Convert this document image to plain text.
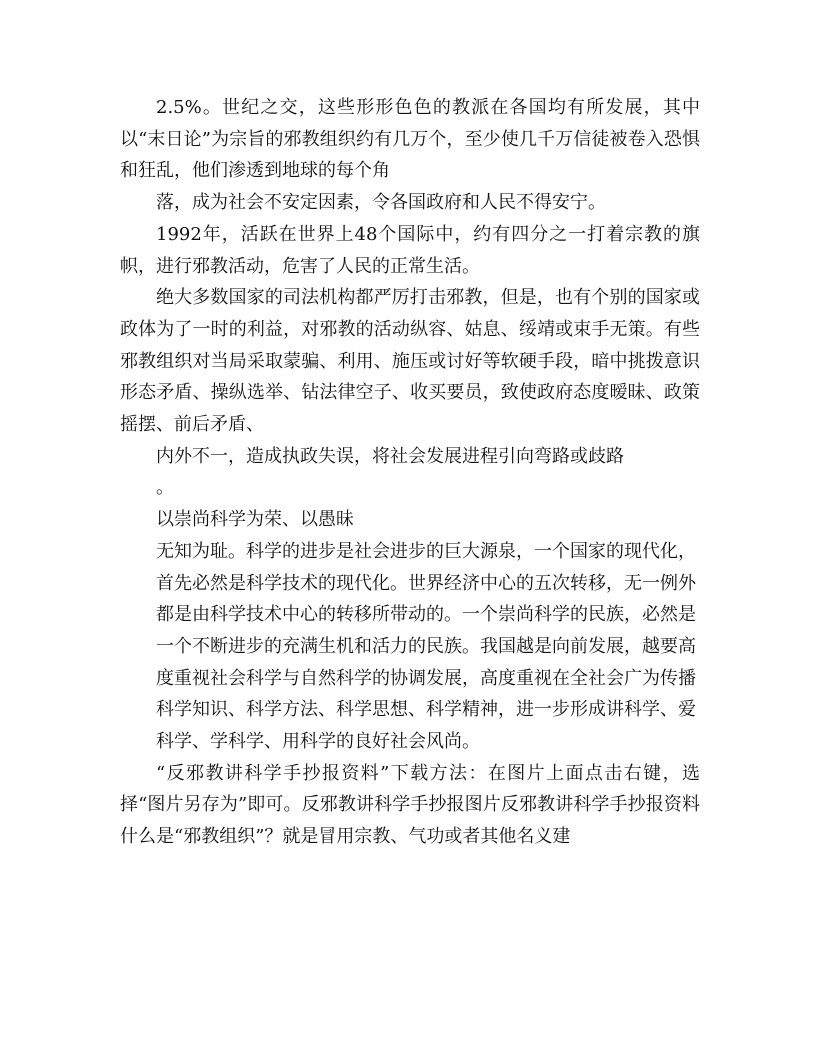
2.5%。世纪之交，这些形形色色的教派在各国均有所发展，其中以“末日论”为宗旨的邪教组织约有几万个，至少使几千万信徒被卷入恐惧和狂乱，他们渗透到地球的每个角

落，成为社会不安定因素，令各国政府和人民不得安宁。

1992年，活跃在世界上48个国际中，约有四分之一打着宗教的旗帜，进行邪教活动，危害了人民的正常生活。

绝大多数国家的司法机构都严厉打击邪教，但是，也有个别的国家或政体为了一时的利益，对邪教的活动纵容、姑息、绥靖或束手无策。有些邪教组织对当局采取蒙骗、利用、施压或讨好等软硬手段，暗中挑拨意识形态矛盾、操纵选举、钻法律空子、收买要员，致使政府态度暧昧、政策摇摆、前后矛盾、

内外不一，造成执政失误，将社会发展进程引向弯路或歧路

。

以崇尚科学为荣、以愚昧

无知为耻。科学的进步是社会进步的巨大源泉，一个国家的现代化，首先必然是科学技术的现代化。世界经济中心的五次转移，无一例外都是由科学技术中心的转移所带动的。一个崇尚科学的民族，必然是一个不断进步的充满生机和活力的民族。我国越是向前发展，越要高度重视社会科学与自然科学的协调发展，高度重视在全社会广为传播科学知识、科学方法、科学思想、科学精神，进一步形成讲科学、爱科学、学科学、用科学的良好社会风尚。

“反邪教讲科学手抄报资料”下载方法：在图片上面点击右键，选择“图片另存为”即可。反邪教讲科学手抄报图片反邪教讲科学手抄报资料 什么是“邪教组织”？就是冒用宗教、气功或者其他名义建
